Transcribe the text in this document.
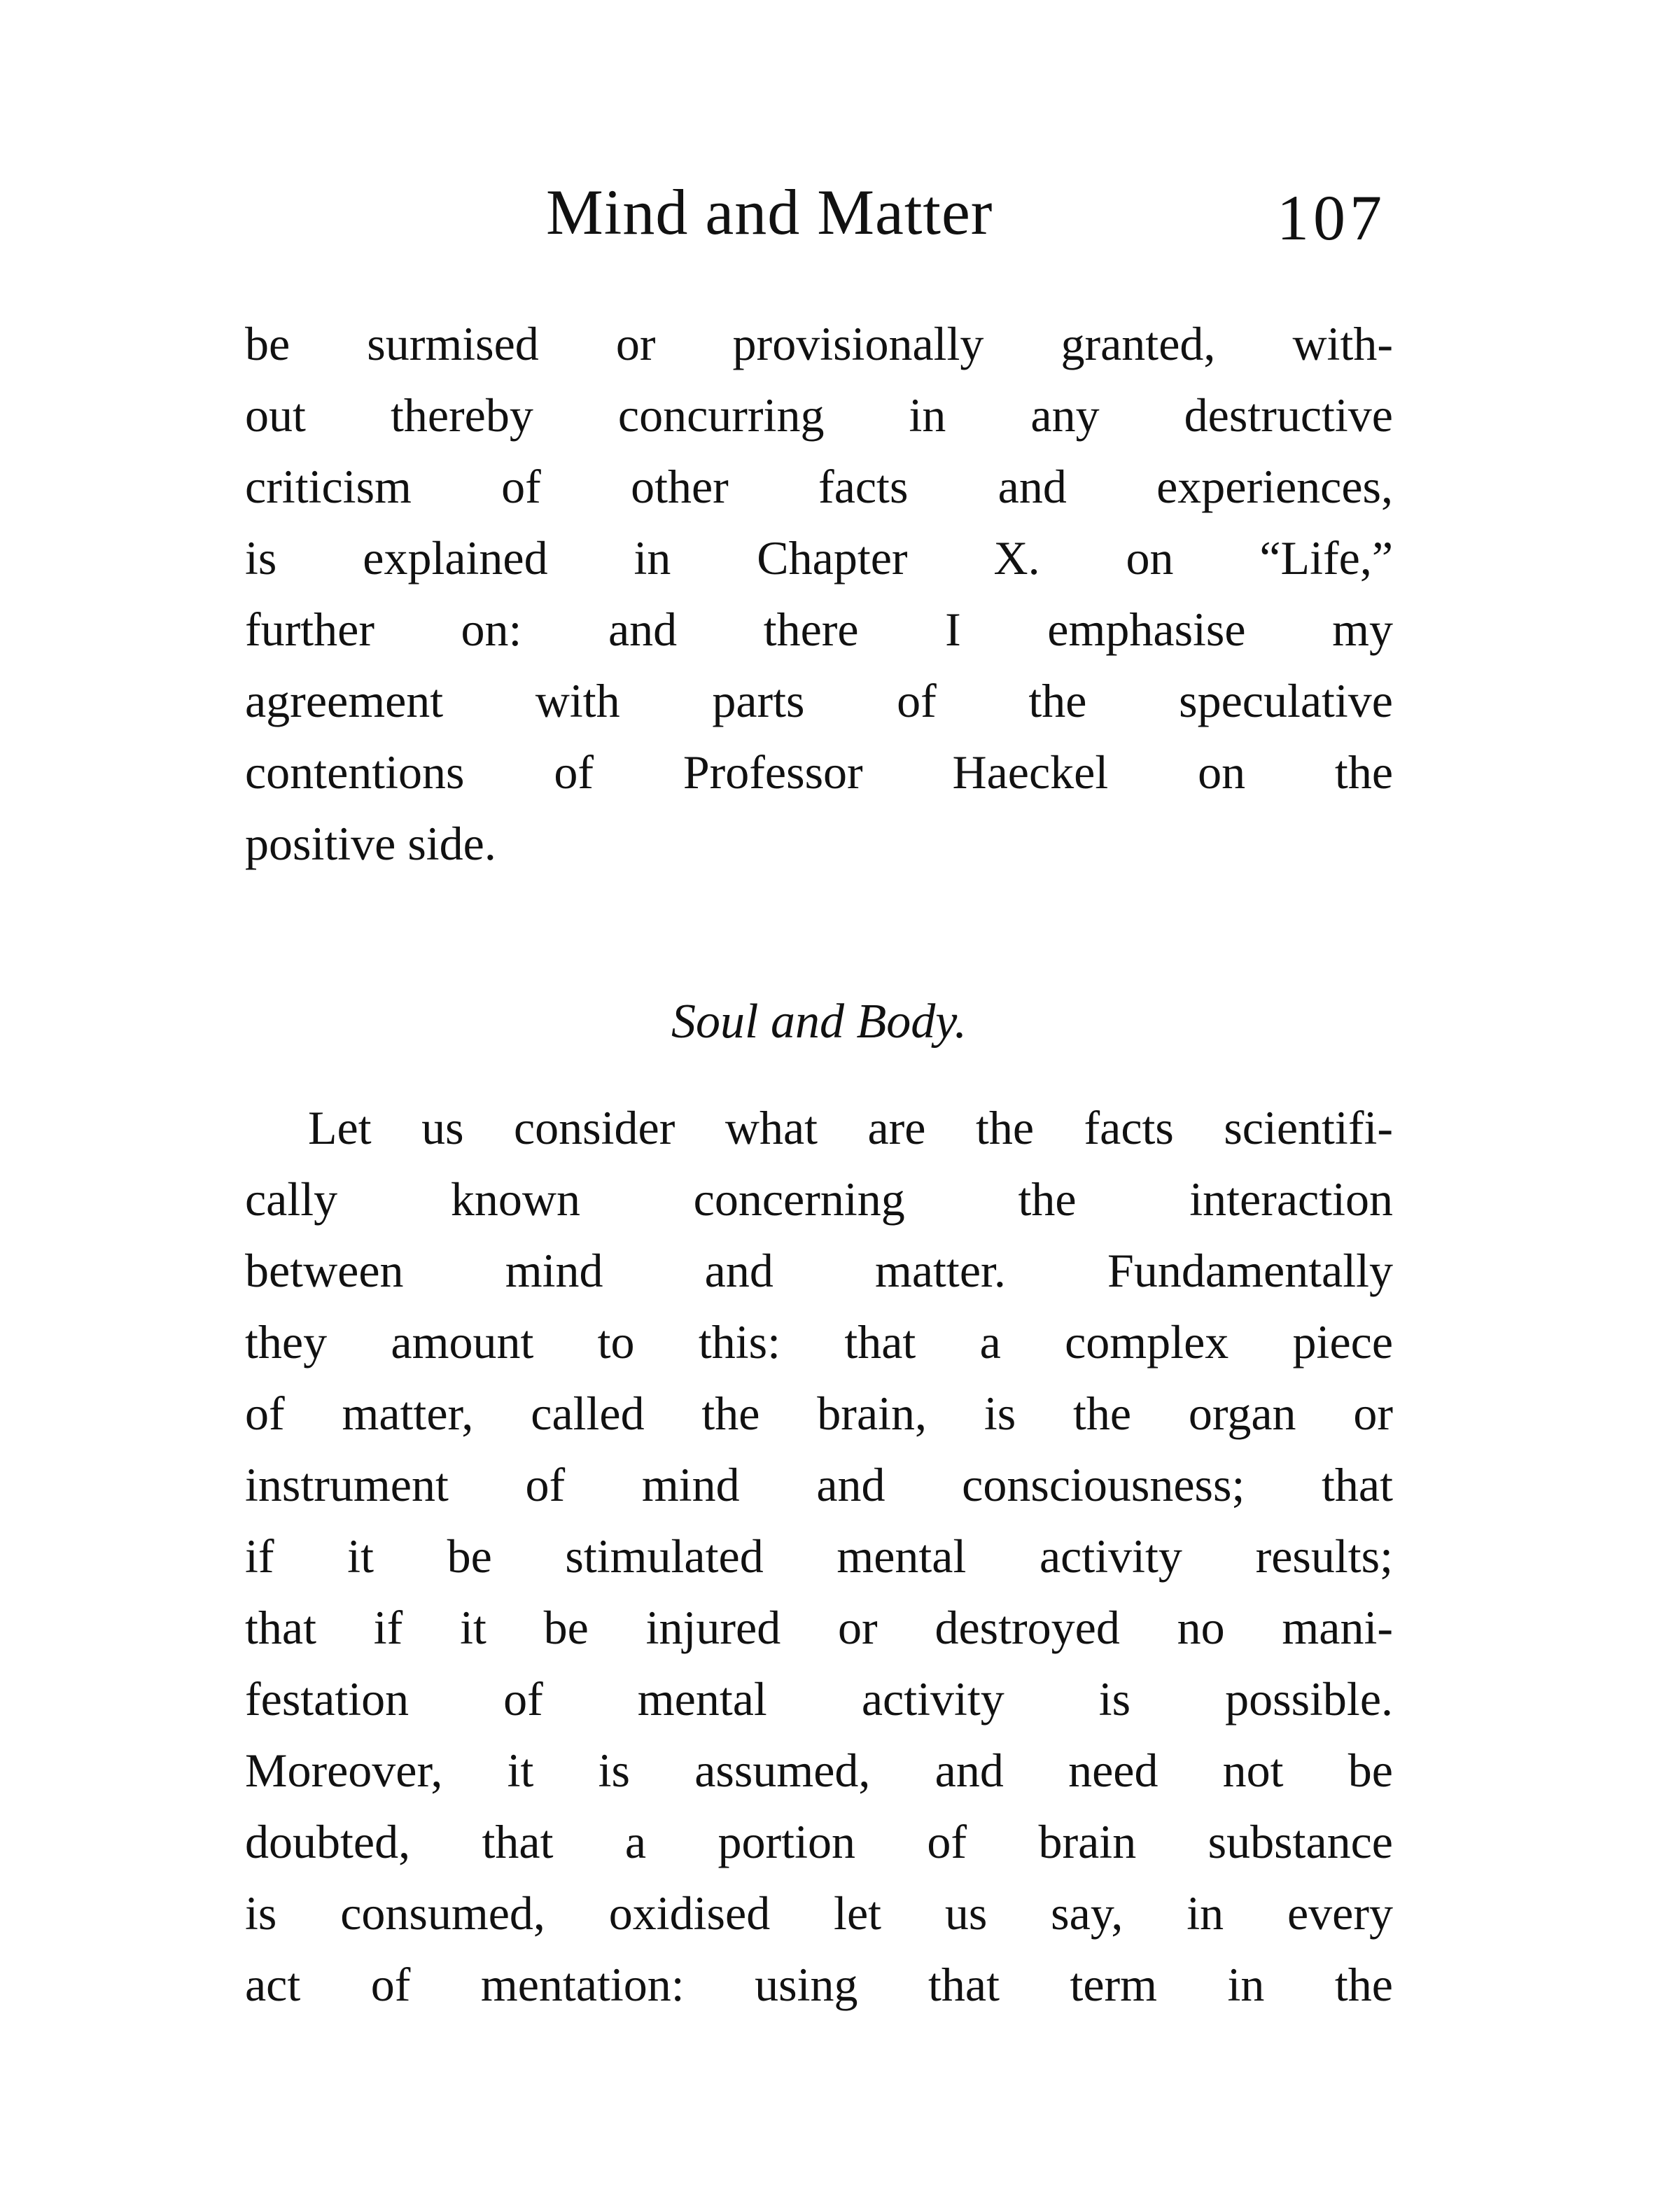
Mind and Matter	107
be surmised or provisionally granted, with-
out thereby concurring in any destructive
criticism of other facts and experiences,
is explained in Chapter X. on “Life,”
further on: and there I emphasise my
agreement with parts of the speculative
contentions of Professor Haeckel on the
positive side.
Soul and Body.
Let us consider what are the facts scientifi-
cally known concerning the interaction
between mind and matter. Fundamentally
they amount to this: that a complex piece
of matter, called the brain, is the organ or
instrument of mind and consciousness; that
if it be stimulated mental activity results;
that if it be injured or destroyed no mani-
festation of mental activity is possible.
Moreover, it is assumed, and need not be
doubted, that a portion of brain substance
is consumed, oxidised let us say, in every
act of mentation: using that term in the
